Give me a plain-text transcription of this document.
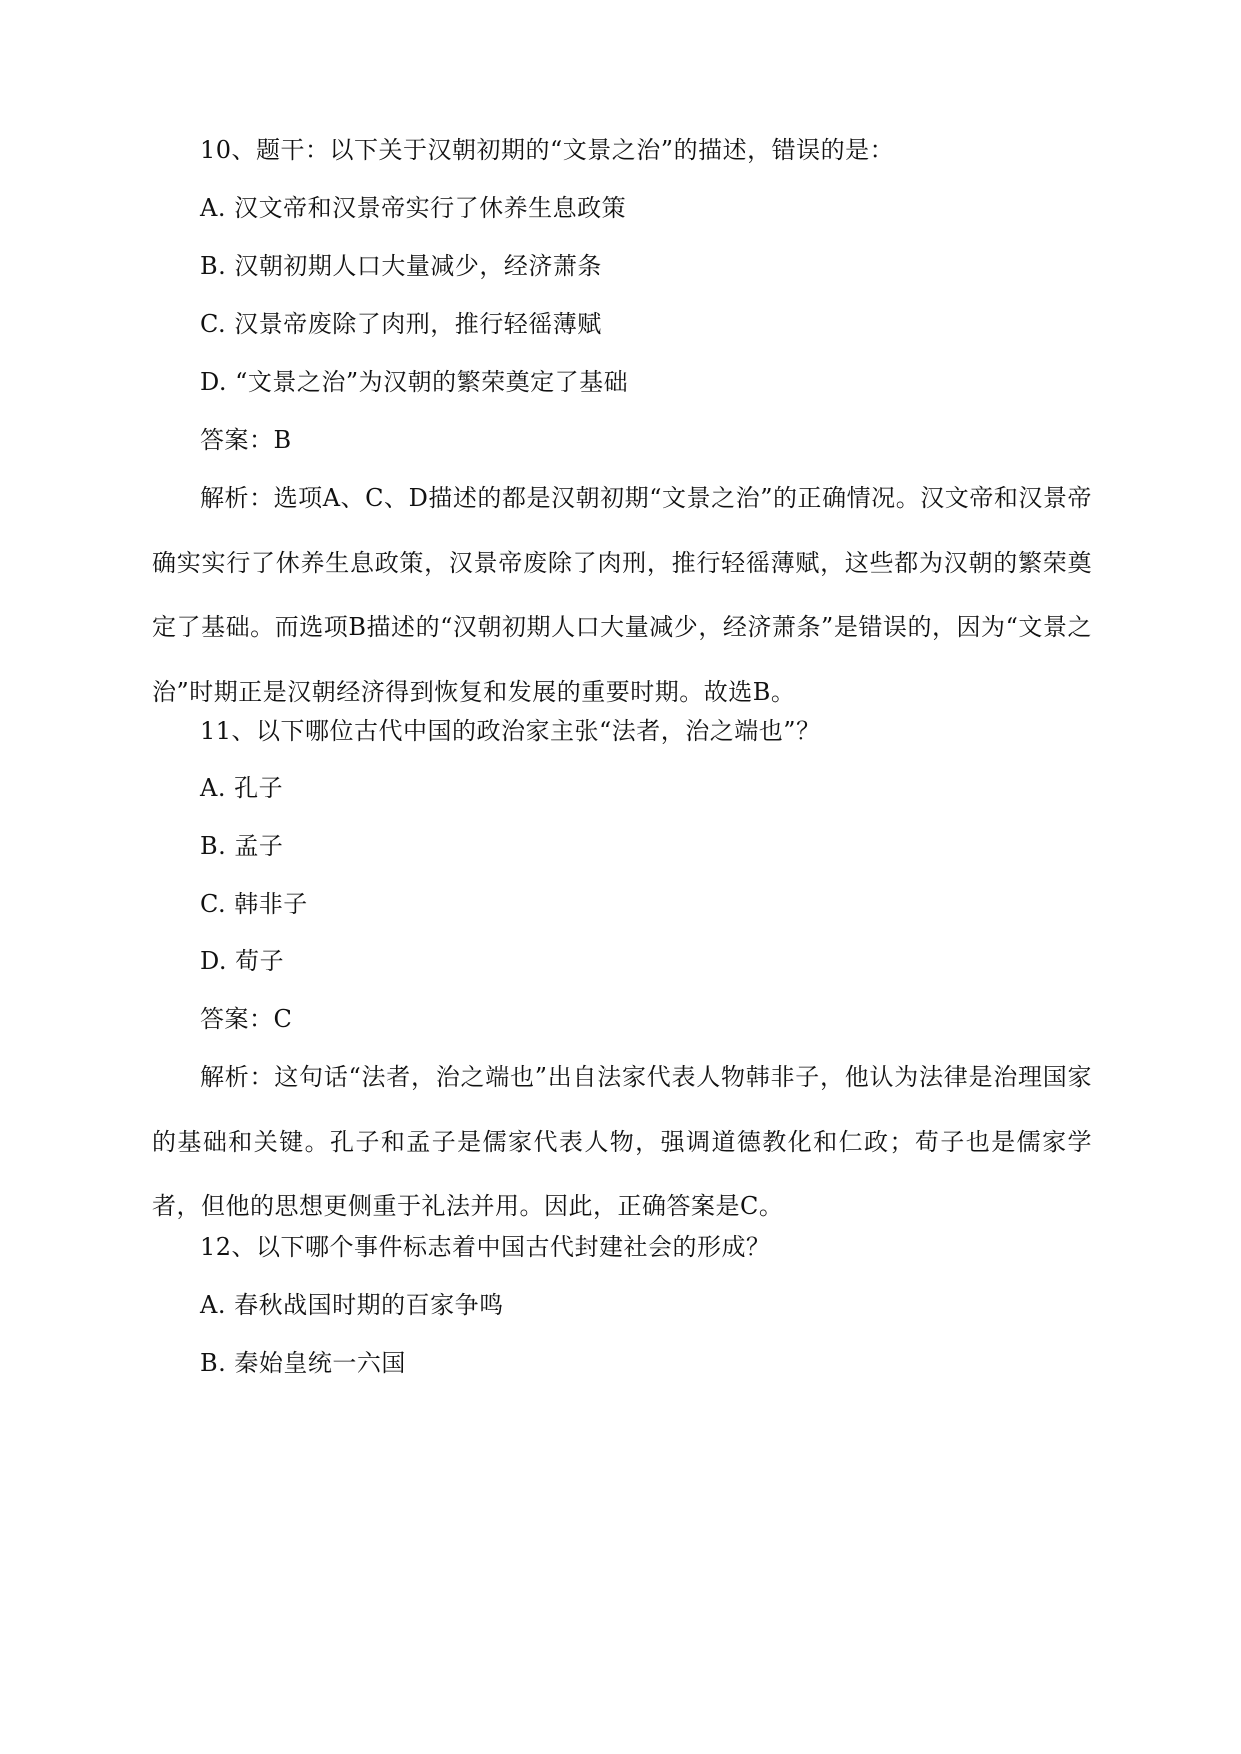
10、题干：以下关于汉朝初期的“文景之治”的描述，错误的是：
A. 汉文帝和汉景帝实行了休养生息政策
B. 汉朝初期人口大量减少，经济萧条
C. 汉景帝废除了肉刑，推行轻徭薄赋
D. “文景之治”为汉朝的繁荣奠定了基础
答案：B
解析：选项A、C、D描述的都是汉朝初期“文景之治”的正确情况。汉文帝和汉景帝确实实行了休养生息政策，汉景帝废除了肉刑，推行轻徭薄赋，这些都为汉朝的繁荣奠定了基础。而选项B描述的“汉朝初期人口大量减少，经济萧条”是错误的，因为“文景之治”时期正是汉朝经济得到恢复和发展的重要时期。故选B。
11、以下哪位古代中国的政治家主张“法者，治之端也”？
A. 孔子
B. 孟子
C. 韩非子
D. 荀子
答案：C
解析：这句话“法者，治之端也”出自法家代表人物韩非子，他认为法律是治理国家的基础和关键。孔子和孟子是儒家代表人物，强调道德教化和仁政；荀子也是儒家学者，但他的思想更侧重于礼法并用。因此，正确答案是C。
12、以下哪个事件标志着中国古代封建社会的形成？
A. 春秋战国时期的百家争鸣
B. 秦始皇统一六国
